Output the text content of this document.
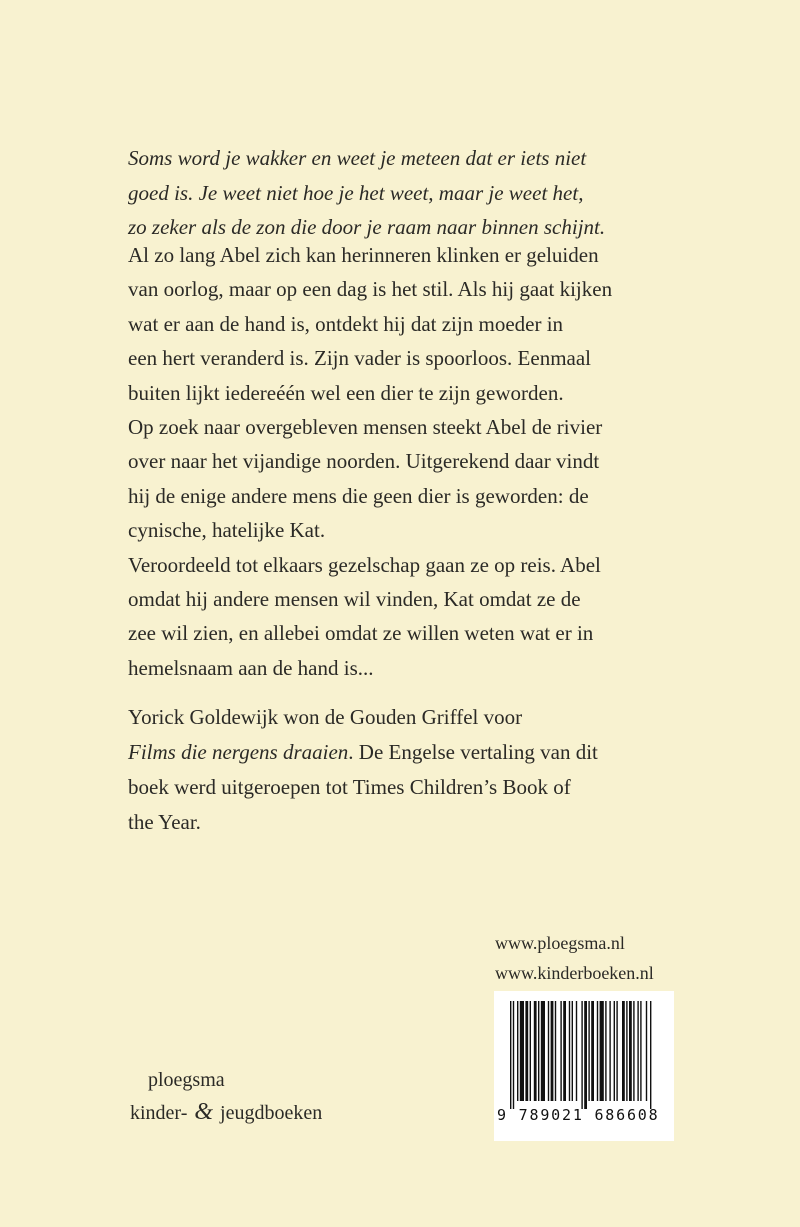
Soms word je wakker en weet je meteen dat er iets niet
goed is. Je weet niet hoe je het weet, maar je weet het,
zo zeker als de zon die door je raam naar binnen schijnt.
Al zo lang Abel zich kan herinneren klinken er geluiden
van oorlog, maar op een dag is het stil. Als hij gaat kijken
wat er aan de hand is, ontdekt hij dat zijn moeder in
een hert veranderd is. Zijn vader is spoorloos. Eenmaal
buiten lijkt iedereéén wel een dier te zijn geworden.
Op zoek naar overgebleven mensen steekt Abel de rivier
over naar het vijandige noorden. Uitgerekend daar vindt
hij de enige andere mens die geen dier is geworden: de
cynische, hatelijke Kat.
Veroordeeld tot elkaars gezelschap gaan ze op reis. Abel
omdat hij andere mensen wil vinden, Kat omdat ze de
zee wil zien, en allebei omdat ze willen weten wat er in
hemelsnaam aan de hand is...
Yorick Goldewijk won de Gouden Griffel voor
Films die nergens draaien. De Engelse vertaling van dit
boek werd uitgeroepen tot Times Children’s Book of
the Year.
www.ploegsma.nl
www.kinderboeken.nl
9 789021 686608
ploegsma
kinder- & jeugdboeken
